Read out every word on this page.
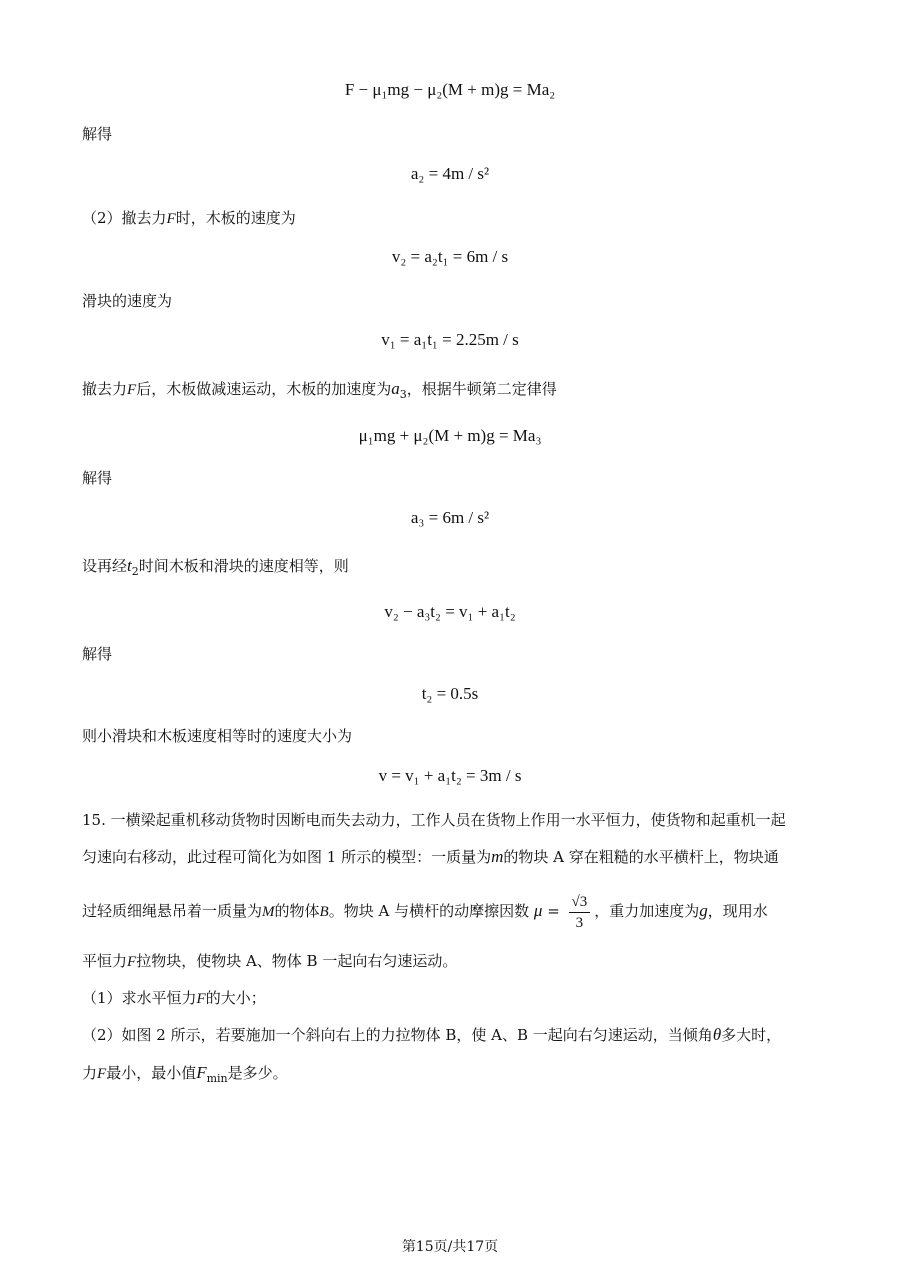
F − μ₁mg − μ₂(M + m)g = Ma₂
解得
a₂ = 4m / s²
（2）撤去力F时，木板的速度为
v₂ = a₂t₁ = 6m / s
滑块的速度为
v₁ = a₁t₁ = 2.25m / s
撤去力F后，木板做减速运动，木板的加速度为$a_3$，根据牛顿第二定律得
μ₁mg + μ₂(M + m)g = Ma₃
解得
a₃ = 6m / s²
设再经$t_2$时间木板和滑块的速度相等，则
v₂ − a₃t₂ = v₁ + a₁t₂
解得
t₂ = 0.5s
则小滑块和木板速度相等时的速度大小为
v = v₁ + a₁t₂ = 3m / s
15. 一横梁起重机移动货物时因断电而失去动力，工作人员在货物上作用一水平恒力，使货物和起重机一起
匀速向右移动，此过程可简化为如图 1 所示的模型：一质量为m的物块 A 穿在粗糙的水平横杆上，物块通
过轻质细绳悬吊着一质量为M的物体B。物块 A 与横杆的动摩擦因数 $\mu = \frac{√3}{3}$ ，重力加速度为g，现用水
平恒力F拉物块，使物块 A、物体 B 一起向右匀速运动。
（1）求水平恒力F的大小；
（2）如图 2 所示，若要施加一个斜向右上的力拉物体 B，使 A、B 一起向右匀速运动，当倾角θ多大时，
力F最小，最小值$F_{min}$是多少。
第15页/共17页
